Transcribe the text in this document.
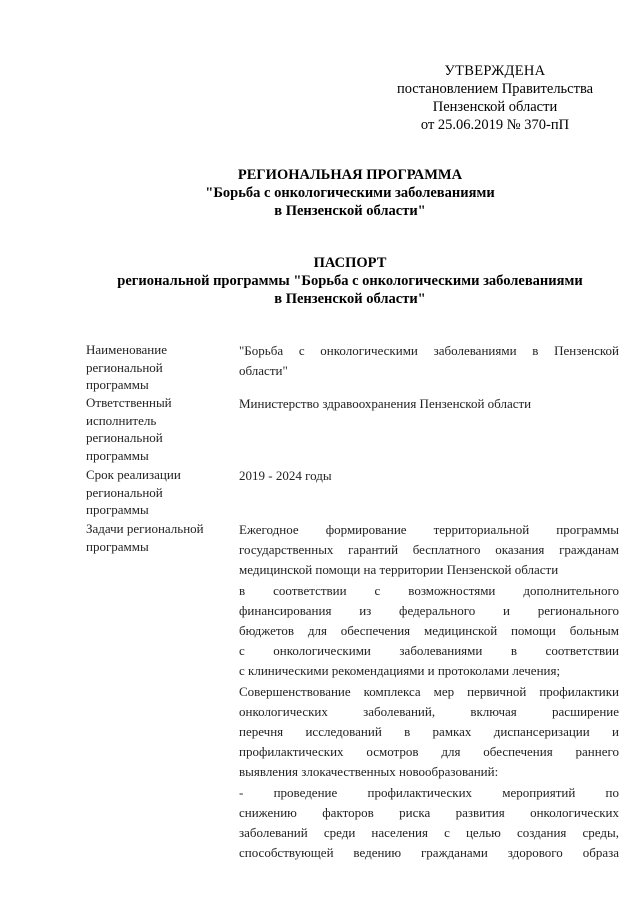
УТВЕРЖДЕНА
постановлением Правительства
Пензенской области
от 25.06.2019 № 370-пП
РЕГИОНАЛЬНАЯ ПРОГРАММА
"Борьба с онкологическими заболеваниями
в Пензенской области"
ПАСПОРТ
региональной программы "Борьба с онкологическими заболеваниями
в Пензенской области"
Наименование
региональной
программы
"Борьба с онкологическими заболеваниями в Пензенской
области"
Ответственный
исполнитель
региональной
программы
Министерство здравоохранения Пензенской области
Срок реализации
региональной
программы
2019 - 2024 годы
Задачи региональной
программы
Ежегодное формирование территориальной программы
государственных гарантий бесплатного оказания гражданам
медицинской помощи на территории Пензенской области
в соответствии с возможностями дополнительного
финансирования из федерального и регионального
бюджетов для обеспечения медицинской помощи больным
с онкологическими заболеваниями в соответствии
с клиническими рекомендациями и протоколами лечения;
Совершенствование комплекса мер первичной профилактики
онкологических заболеваний, включая расширение
перечня исследований в рамках диспансеризации и
профилактических осмотров для обеспечения раннего
выявления злокачественных новообразований:
- проведение профилактических мероприятий по
снижению факторов риска развития онкологических
заболеваний среди населения с целью создания среды,
способствующей ведению гражданами здорового образа
